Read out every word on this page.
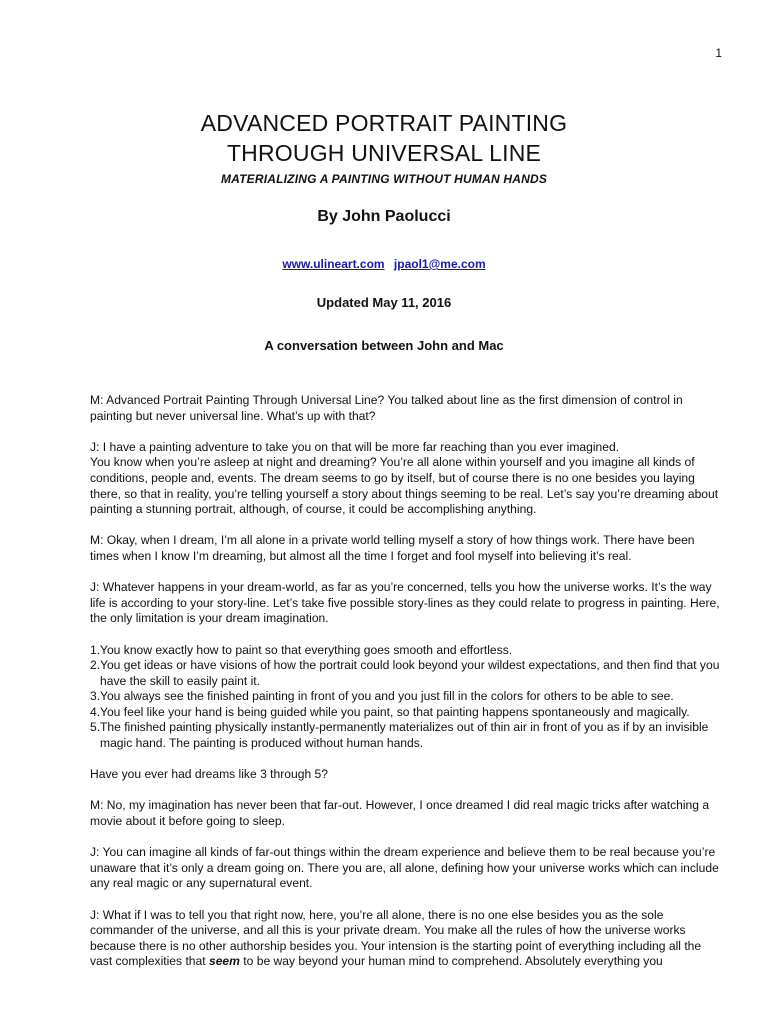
1
ADVANCED PORTRAIT PAINTING
THROUGH UNIVERSAL LINE
MATERIALIZING A PAINTING WITHOUT HUMAN HANDS
By John Paolucci
www.ulineart.com jpaol1@me.com
Updated May 11, 2016
A conversation between John and Mac

M: Advanced Portrait Painting Through Universal Line? You talked about line as the first dimension of control in painting but never universal line. What’s up with that?

J: I have a painting adventure to take you on that will be more far reaching than you ever imagined.

You know when you’re asleep at night and dreaming? You’re all alone within yourself and you imagine all kinds of conditions, people and, events. The dream seems to go by itself, but of course there is no one besides you laying there, so that in reality, you’re telling yourself a story about things seeming to be real. Let’s say you’re dreaming about painting a stunning portrait, although, of course, it could be accomplishing anything.

M: Okay, when I dream, I’m all alone in a private world telling myself a story of how things work. There have been times when I know I’m dreaming, but almost all the time I forget and fool myself into believing it’s real.

J: Whatever happens in your dream-world, as far as you’re concerned, tells you how the universe works. It’s the way life is according to your story-line. Let’s take five possible story-lines as they could relate to progress in painting. Here, the only limitation is your dream imagination.

1. You know exactly how to paint so that everything goes smooth and effortless.
2. You get ideas or have visions of how the portrait could look beyond your wildest expectations, and then find that you have the skill to easily paint it.
3. You always see the finished painting in front of you and you just fill in the colors for others to be able to see.
4. You feel like your hand is being guided while you paint, so that painting happens spontaneously and magically.
5. The finished painting physically instantly-permanently materializes out of thin air in front of you as if by an invisible magic hand. The painting is produced without human hands.

Have you ever had dreams like 3 through 5?

M: No, my imagination has never been that far-out. However, I once dreamed I did real magic tricks after watching a movie about it before going to sleep.

J: You can imagine all kinds of far-out things within the dream experience and believe them to be real because you’re unaware that it’s only a dream going on. There you are, all alone, defining how your universe works which can include any real magic or any supernatural event.

J: What if I was to tell you that right now, here, you’re all alone, there is no one else besides you as the sole commander of the universe, and all this is your private dream. You make all the rules of how the universe works because there is no other authorship besides you. Your intension is the starting point of everything including all the vast complexities that seem to be way beyond your human mind to comprehend. Absolutely everything you
